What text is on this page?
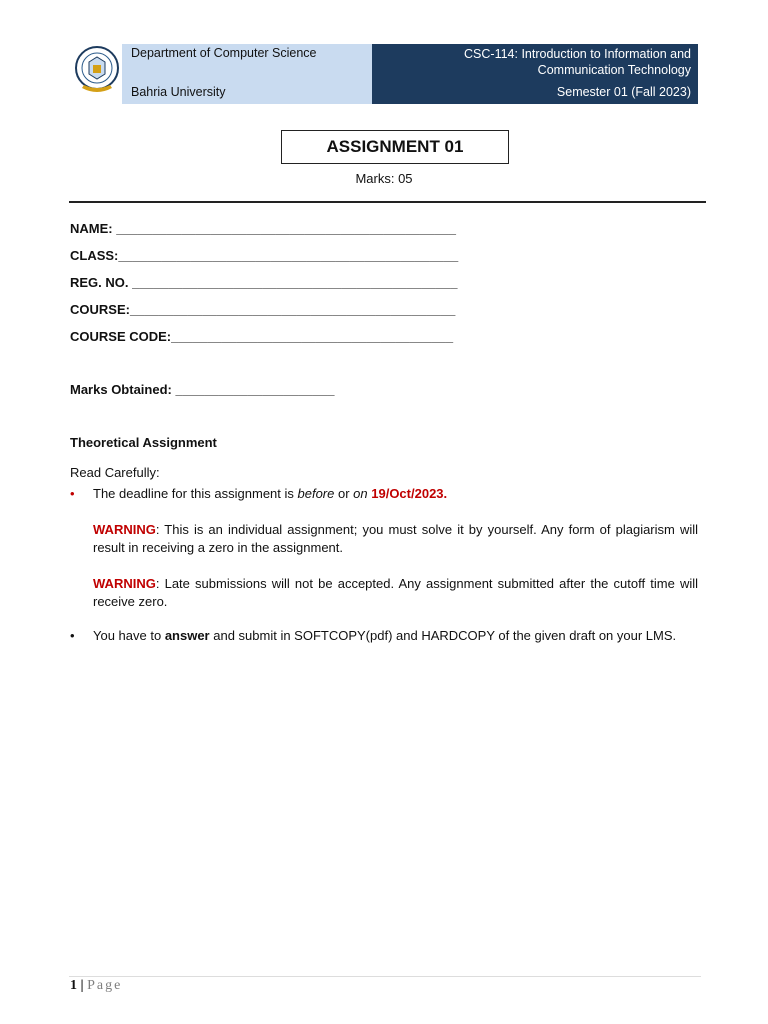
Department of Computer Science
Bahria University
CSC-114: Introduction to Information and Communication Technology
Semester 01 (Fall 2023)
ASSIGNMENT 01
Marks: 05
NAME: _______________________________________________
CLASS:_______________________________________________
REG. NO. _____________________________________________
COURSE:_____________________________________________
COURSE CODE:_______________________________________
Marks Obtained: ______________________
Theoretical Assignment
Read Carefully:
•	The deadline for this assignment is before or on 19/Oct/2023.
WARNING: This is an individual assignment; you must solve it by yourself. Any form of plagiarism will result in receiving a zero in the assignment.
WARNING: Late submissions will not be accepted. Any assignment submitted after the cutoff time will receive zero.
•	You have to answer and submit in SOFTCOPY(pdf) and HARDCOPY of the given draft on your LMS.
1 | Page
